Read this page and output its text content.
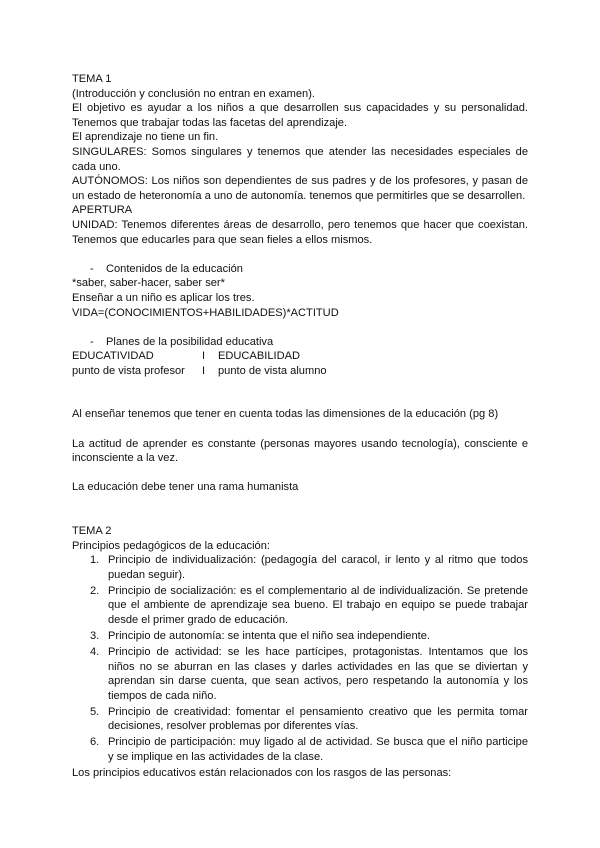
TEMA 1

(Introducción y conclusión no entran en examen).

El objetivo es ayudar a los niños a que desarrollen sus capacidades y su personalidad. Tenemos que trabajar todas las facetas del aprendizaje.

El aprendizaje no tiene un fin.

SINGULARES: Somos singulares y tenemos que atender las necesidades especiales de cada uno.

AUTÓNOMOS: Los niños son dependientes de sus padres y de los profesores, y pasan de un estado de heteronomía a uno de autonomía. tenemos que permitirles que se desarrollen.

APERTURA

UNIDAD: Tenemos diferentes áreas de desarrollo, pero tenemos que hacer que coexistan. Tenemos que educarles para que sean fieles a ellos mismos.

- Contenidos de la educación

*saber, saber-hacer, saber ser*

Enseñar a un niño es aplicar los tres.

VIDA=(CONOCIMIENTOS+HABILIDADES)*ACTITUD

- Planes de la posibilidad educativa

EDUCATIVIDAD	I	EDUCABILIDAD
punto de vista profesor	I	punto de vista alumno

Al enseñar tenemos que tener en cuenta todas las dimensiones de la educación (pg 8)

La actitud de aprender es constante (personas mayores usando tecnología), consciente e inconsciente a la vez.

La educación debe tener una rama humanista

TEMA 2

Principios pedagógicos de la educación:

1. Principio de individualización: (pedagogía del caracol, ir lento y al ritmo que todos puedan seguir).
2. Principio de socialización: es el complementario al de individualización. Se pretende que el ambiente de aprendizaje sea bueno. El trabajo en equipo se puede trabajar desde el primer grado de educación.
3. Principio de autonomía: se intenta que el niño sea independiente.
4. Principio de actividad: se les hace partícipes, protagonistas. Intentamos que los niños no se aburran en las clases y darles actividades en las que se diviertan y aprendan sin darse cuenta, que sean activos, pero respetando la autonomía y los tiempos de cada niño.
5. Principio de creatividad: fomentar el pensamiento creativo que les permita tomar decisiones, resolver problemas por diferentes vías.
6. Principio de participación: muy ligado al de actividad. Se busca que el niño participe y se implique en las actividades de la clase.

Los principios educativos están relacionados con los rasgos de las personas:
